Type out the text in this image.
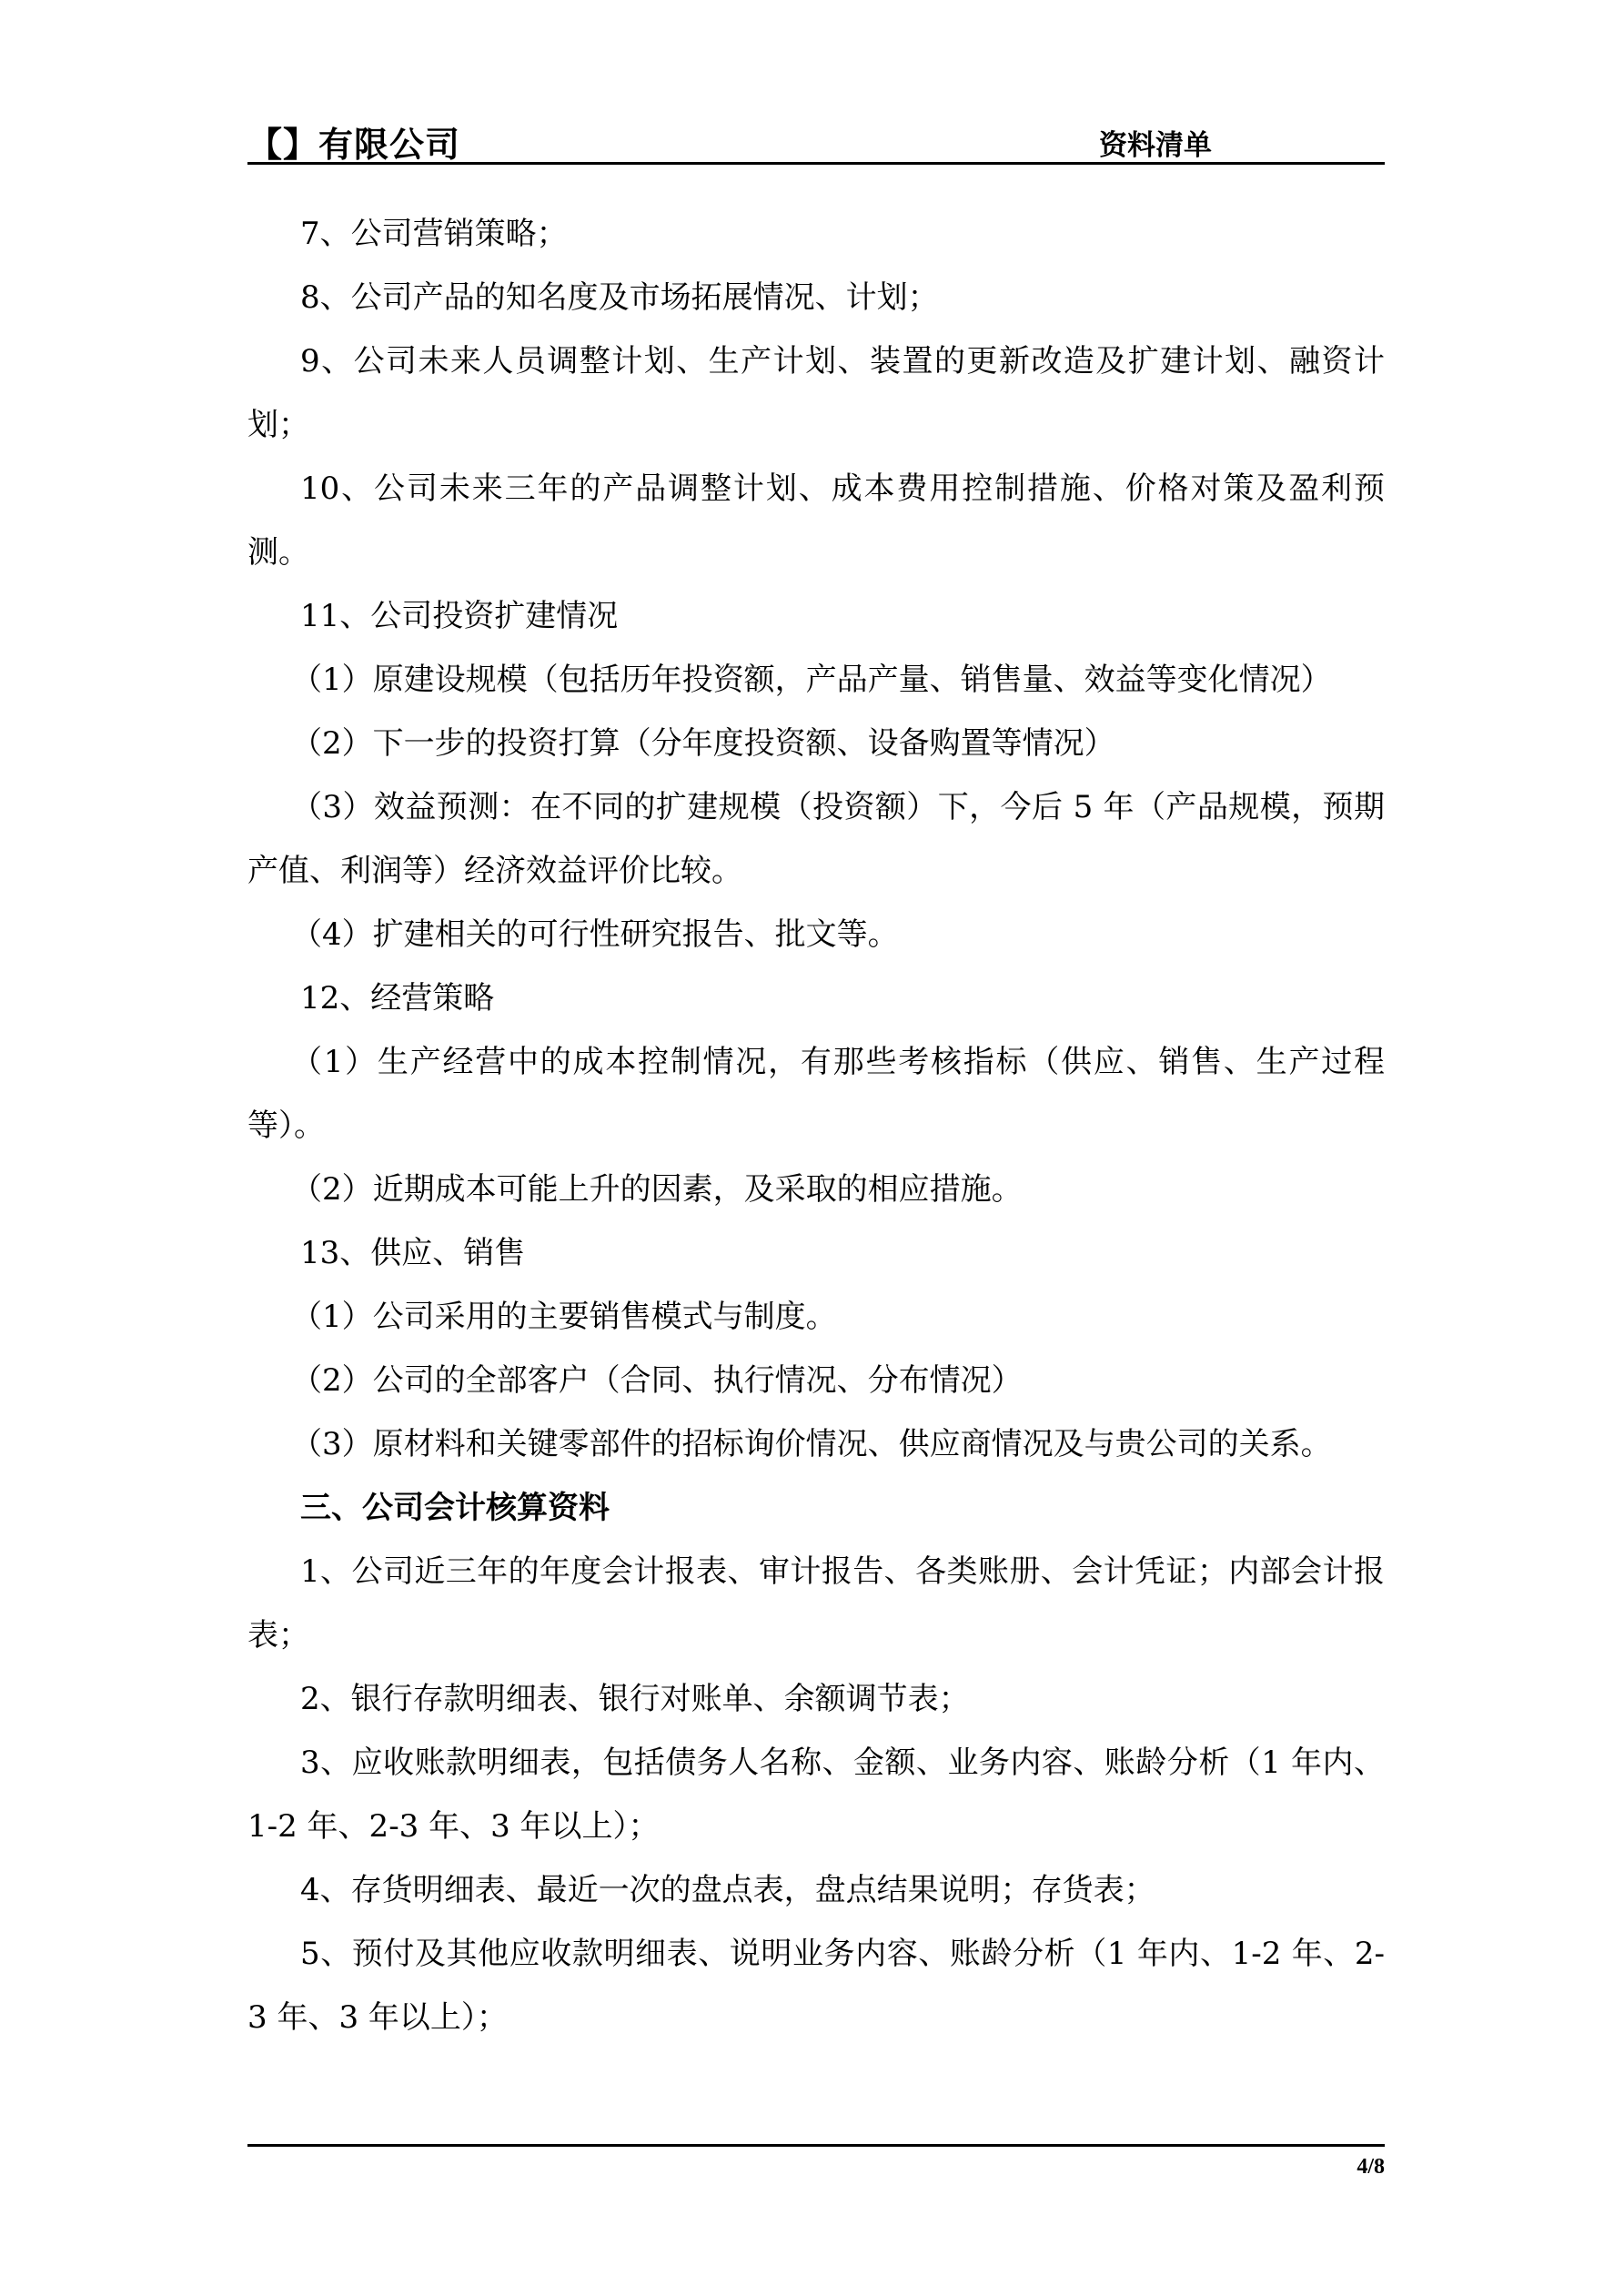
【】有限公司	资料清单

7、公司营销策略；

8、公司产品的知名度及市场拓展情况、计划；

9、公司未来人员调整计划、生产计划、装置的更新改造及扩建计划、融资计划；

10、公司未来三年的产品调整计划、成本费用控制措施、价格对策及盈利预测。

11、公司投资扩建情况

（1）原建设规模（包括历年投资额，产品产量、销售量、效益等变化情况）

（2）下一步的投资打算（分年度投资额、设备购置等情况）

（3）效益预测：在不同的扩建规模（投资额）下，今后 5 年（产品规模，预期产值、利润等）经济效益评价比较。

（4）扩建相关的可行性研究报告、批文等。

12、经营策略

（1）生产经营中的成本控制情况，有那些考核指标（供应、销售、生产过程等）。

（2）近期成本可能上升的因素，及采取的相应措施。

13、供应、销售

（1）公司采用的主要销售模式与制度。

（2）公司的全部客户（合同、执行情况、分布情况）

（3）原材料和关键零部件的招标询价情况、供应商情况及与贵公司的关系。

三、公司会计核算资料

1、公司近三年的年度会计报表、审计报告、各类账册、会计凭证；内部会计报表；

2、银行存款明细表、银行对账单、余额调节表；

3、应收账款明细表，包括债务人名称、金额、业务内容、账龄分析（1 年内、1-2 年、2-3 年、3 年以上）；

4、存货明细表、最近一次的盘点表，盘点结果说明；存货表；

5、预付及其他应收款明细表、说明业务内容、账龄分析（1 年内、1-2 年、2-3 年、3 年以上）；

4/8
